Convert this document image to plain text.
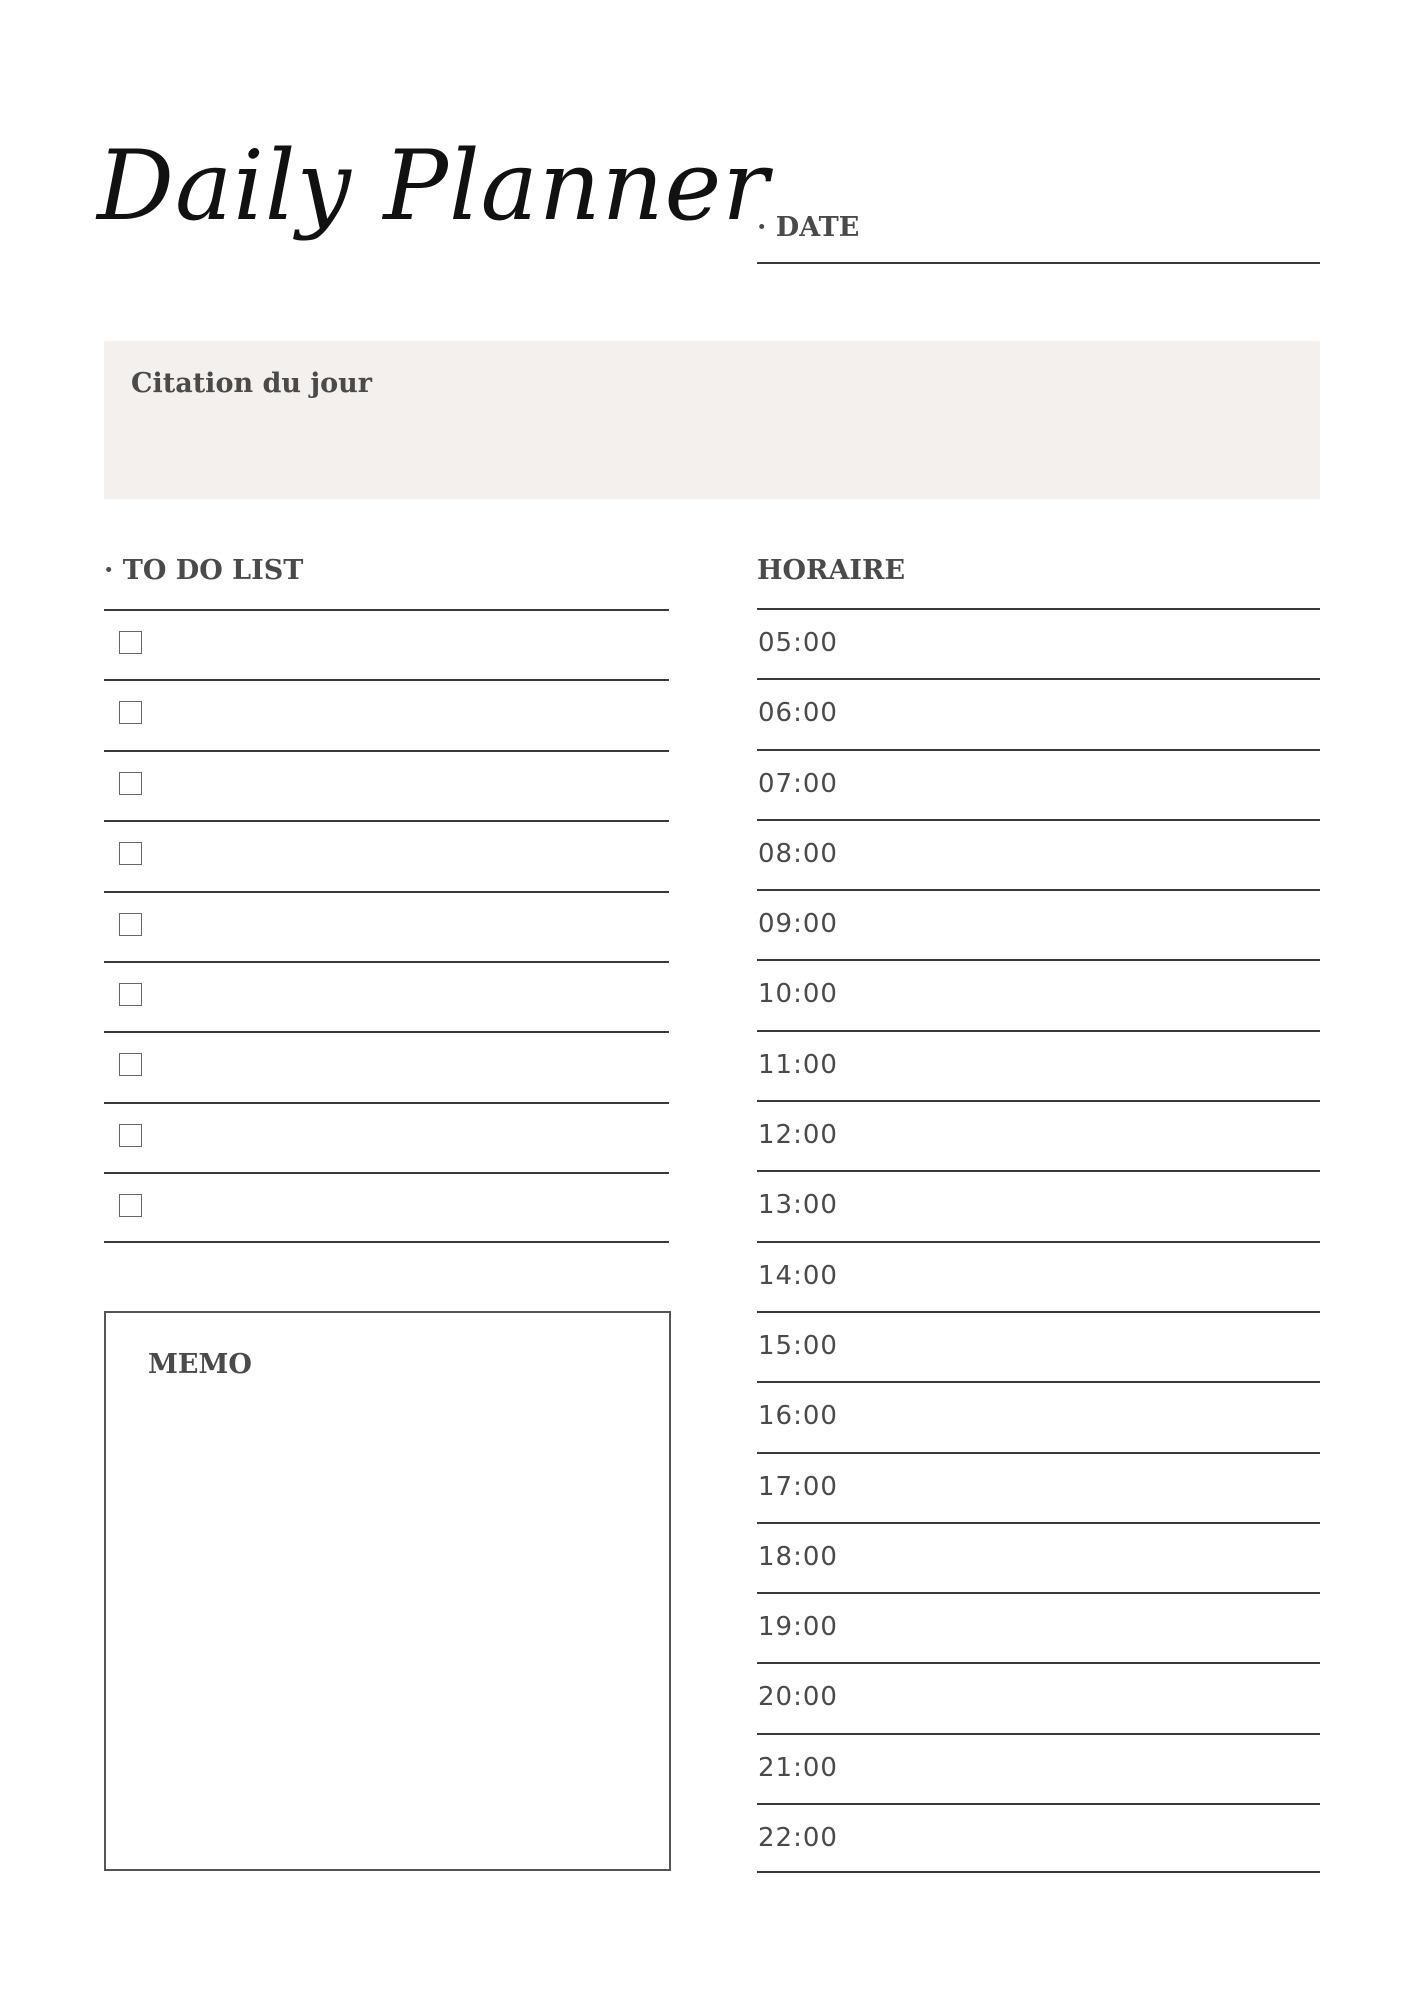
Daily Planner
· DATE
Citation du jour
· TO DO LIST
MEMO
HORAIRE
05:00
06:00
07:00
08:00
09:00
10:00
11:00
12:00
13:00
14:00
15:00
16:00
17:00
18:00
19:00
20:00
21:00
22:00
